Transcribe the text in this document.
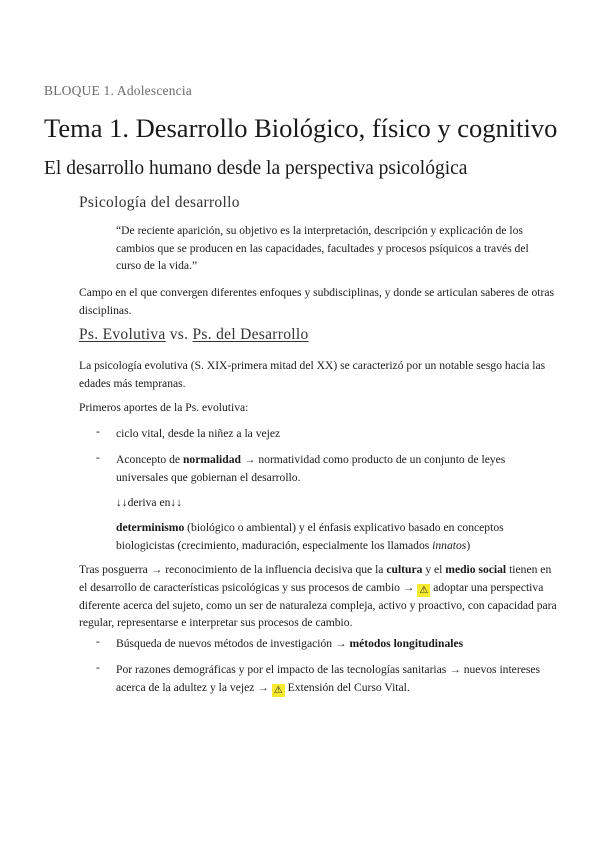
BLOQUE 1. Adolescencia
Tema 1. Desarrollo Biológico, físico y cognitivo
El desarrollo humano desde la perspectiva psicológica
Psicología del desarrollo
“De reciente aparición, su objetivo es la interpretación, descripción y explicación de los cambios que se producen en las capacidades, facultades y procesos psíquicos a través del curso de la vida.”
Campo en el que convergen diferentes enfoques y subdisciplinas, y donde se articulan saberes de otras disciplinas.
Ps. Evolutiva vs. Ps. del Desarrollo
La psicología evolutiva (S. XIX-primera mitad del XX) se caracterizó por un notable sesgo hacia las edades más tempranas.
Primeros aportes de la Ps. evolutiva:
- ciclo vital, desde la niñez a la vejez
- Aconcepto de normalidad → normatividad como producto de un conjunto de leyes universales que gobiernan el desarrollo.
↓↓deriva en↓↓
determinismo (biológico o ambiental) y el énfasis explicativo basado en conceptos biologicistas (crecimiento, maduración, especialmente los llamados innatos)
Tras posguerra → reconocimiento de la influencia decisiva que la cultura y el medio social tienen en el desarrollo de características psicológicas y sus procesos de cambio → ⚠ adoptar una perspectiva diferente acerca del sujeto, como un ser de naturaleza compleja, activo y proactivo, con capacidad para regular, representarse e interpretar sus procesos de cambio.
- Búsqueda de nuevos métodos de investigación → métodos longitudinales
- Por razones demográficas y por el impacto de las tecnologías sanitarias → nuevos intereses acerca de la adultez y la vejez → ⚠ Extensión del Curso Vital.
